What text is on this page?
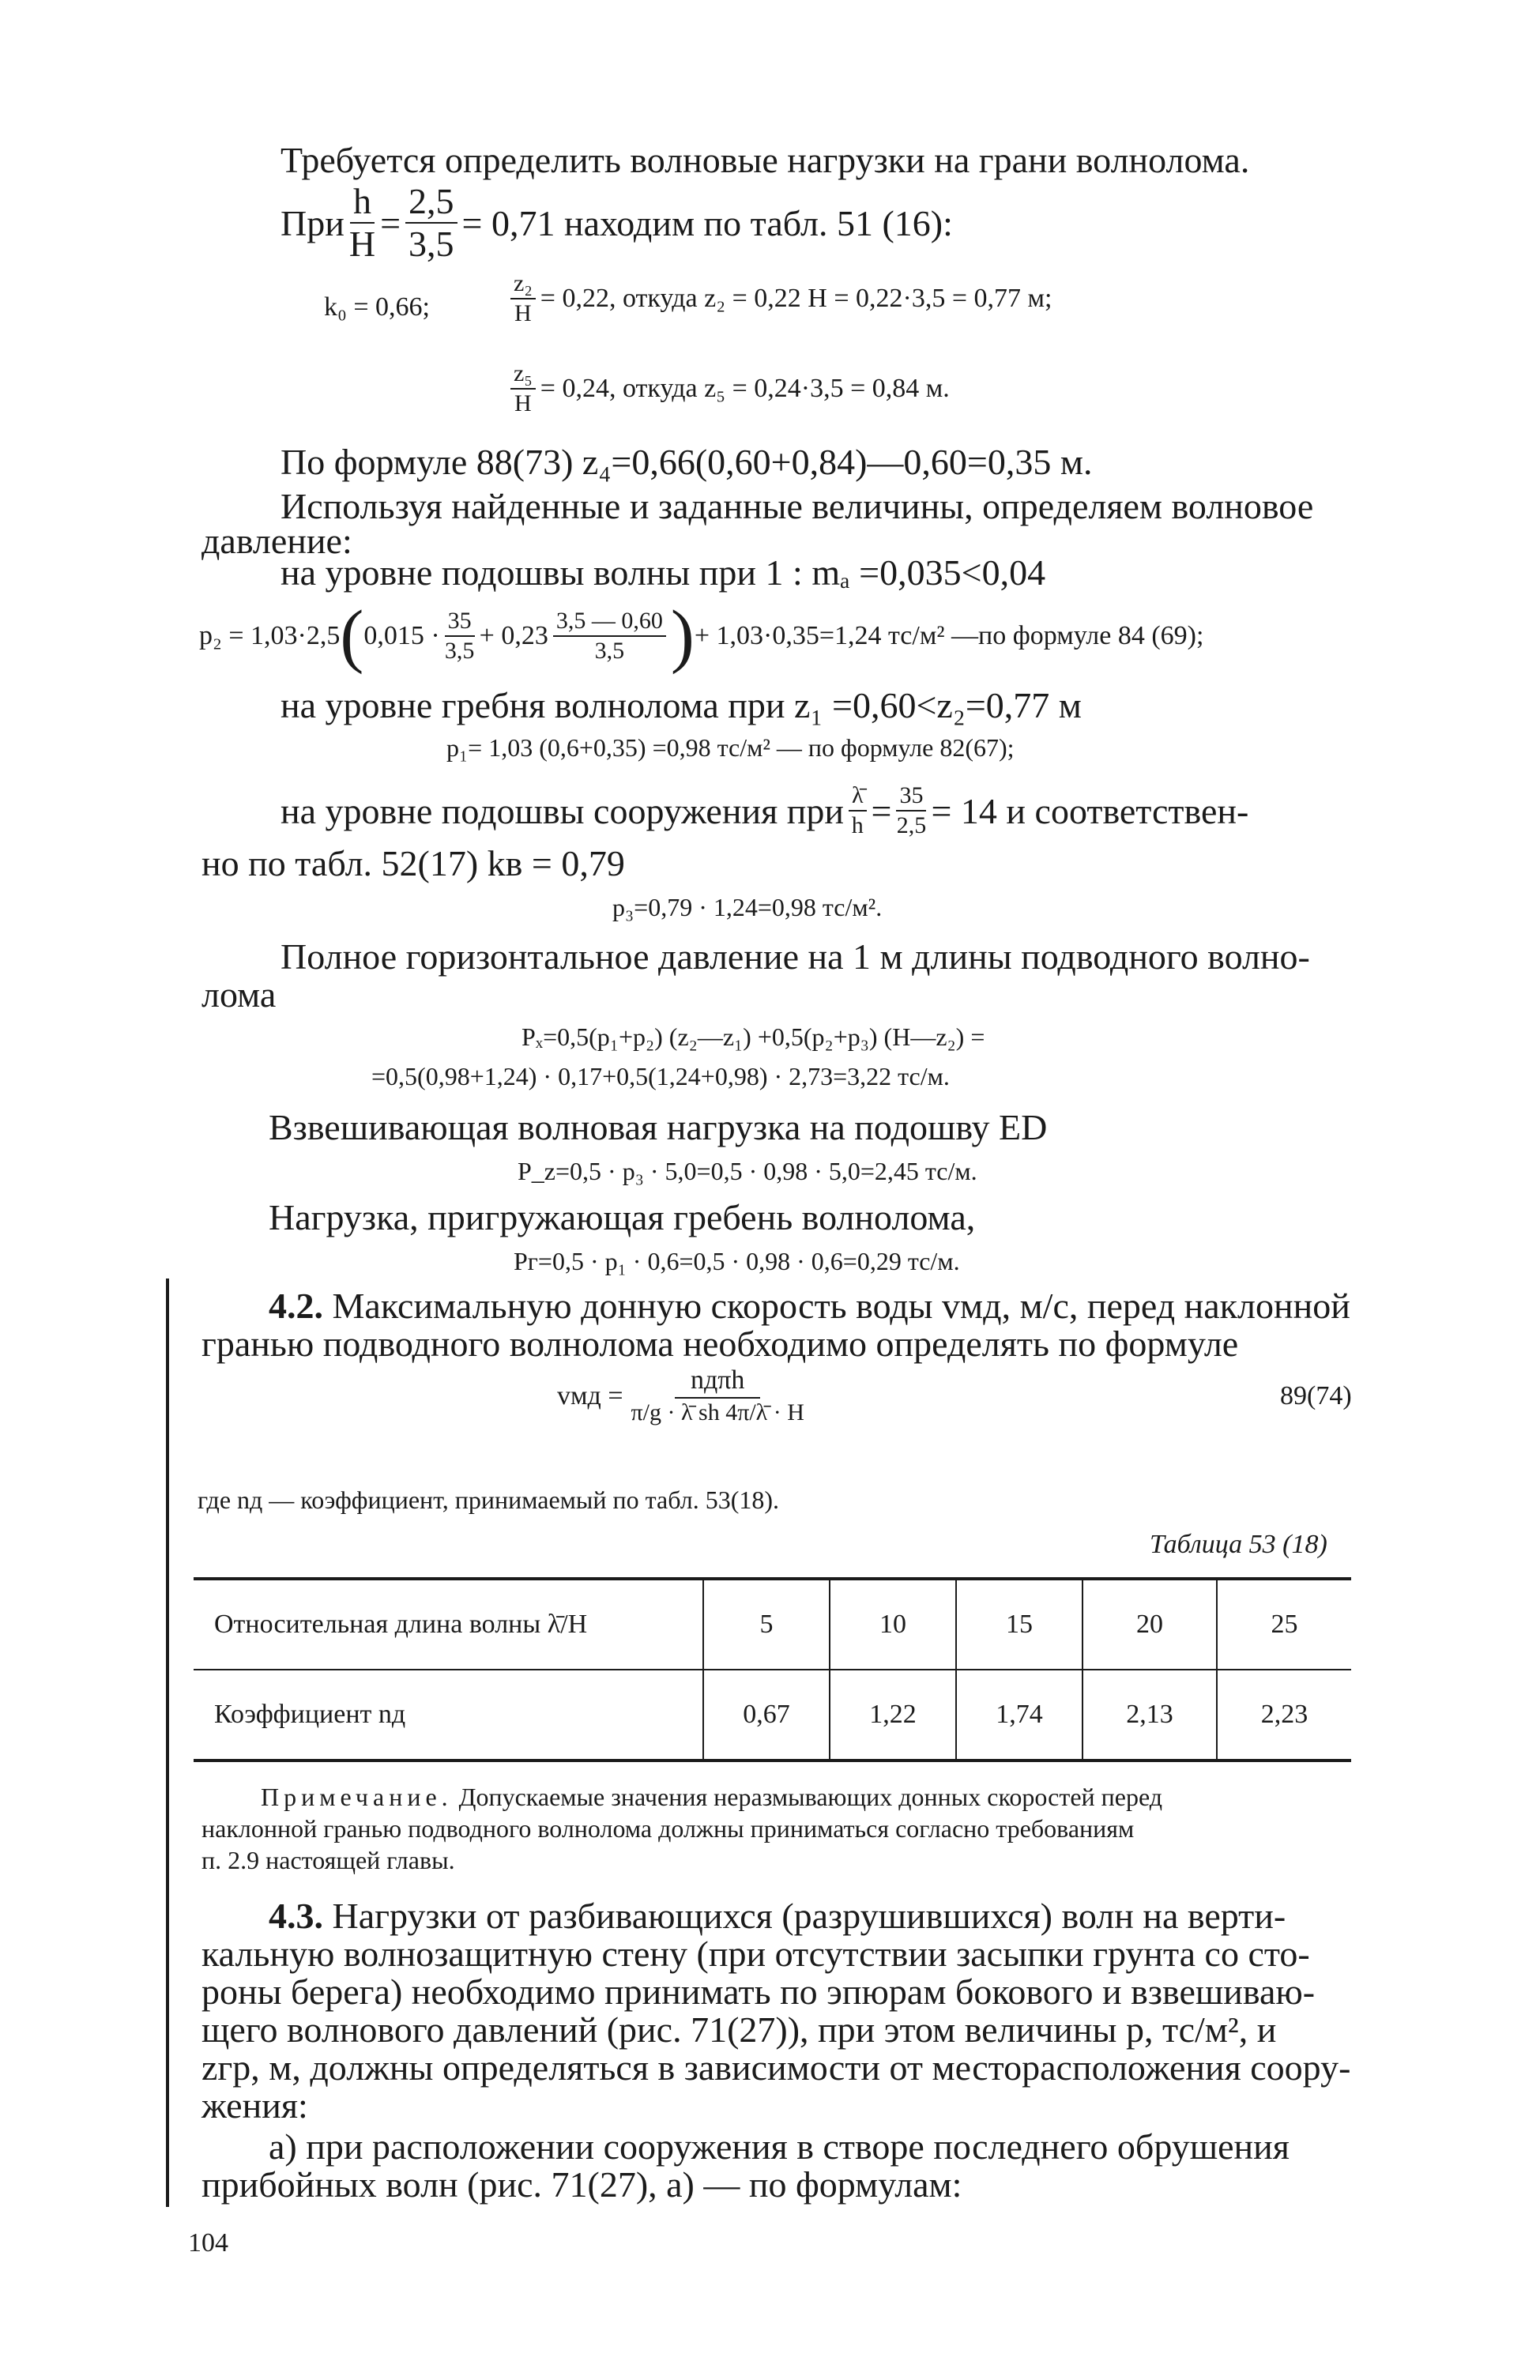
Требуется определить волновые нагрузки на грани волнолома.
При $\frac{h}{H} = \frac{2,5}{3,5} = 0,71$ находим по табл. 51 (16):
k₀ = 0,66;	$\frac{\text{z₂}}{H} = 0,22$, откуда z₂ = 0,22 H = 0,22·3,5 = 0,77 м;
$\frac{\text{z₅}}{H} = 0,24$, откуда z₅ = 0,24·3,5 = 0,84 м.
По формуле 88(73) z₄=0,66(0,60+0,84)—0,60=0,35 м.
Используя найденные и заданные величины, определяем волновое
давление:
на уровне подошвы волны при 1 : mₐ =0,035<0,04
p₂ = 1,03·2,5 ( $0,015 \cdot \frac{35}{3,5} + 0,23 \frac{3,5 — 0,60}{3,5}$ ) + 1,03·0,35=1,24 тс/м² —по формуле 84 (69);
на уровне гребня волнолома при z₁ =0,60<z₂=0,77 м
p₁= 1,03 (0,6+0,35) =0,98 тс/м² — по формуле 82(67);
на уровне подошвы сооружения при $\frac{\lambdā}{h} = \frac{35}{2,5} = 14$ и соответствен-
но по табл. 52(17) kв = 0,79
p₃=0,79 · 1,24=0,98 тс/м².
Полное горизонтальное давление на 1 м длины подводного волно-
лома
Pₓ=0,5(p₁+p₂) (z₂—z₁) +0,5(p₂+p₃) (H—z₂) =
=0,5(0,98+1,24) · 0,17+0,5(1,24+0,98) · 2,73=3,22 тс/м.
Взвешивающая волновая нагрузка на подошву ED
P_z=0,5 · p₃ · 5,0=0,5 · 0,98 · 5,0=2,45 тс/м.
Нагрузка, пригружающая гребень волнолома,
Pг=0,5 · p₁ · 0,6=0,5 · 0,98 · 0,6=0,29 тс/м.
4.2. Максимальную донную скорость воды vмд, м/с, перед наклонной
гранью подводного волнолома необходимо определять по формуле
vмд = $\frac{\text{nдπh}}{\pi/g \cdot \lambdā sh 4\pi/\lambdā \cdot H}$	89(74)
где nд — коэффициент, принимаемый по табл. 53(18).
Таблица 53 (18)
Относительная длина волны λ̄/H	5	10	15	20	25
Коэффициент nд	0,67	1,22	1,74	2,13	2,23
Примечание. Допускаемые значения неразмывающих донных скоростей перед
наклонной гранью подводного волнолома должны приниматься согласно требованиям
п. 2.9 настоящей главы.
4.3. Нагрузки от разбивающихся (разрушившихся) волн на верти-
кальную волнозащитную стену (при отсутствии засыпки грунта со сто-
роны берега) необходимо принимать по эпюрам бокового и взвешиваю-
щего волнового давлений (рис. 71(27)), при этом величины p, тс/м², и
zгр, м, должны определяться в зависимости от месторасположения соору-
жения:
а) при расположении сооружения в створе последнего обрушения
прибойных волн (рис. 71(27), а) — по формулам:
104
